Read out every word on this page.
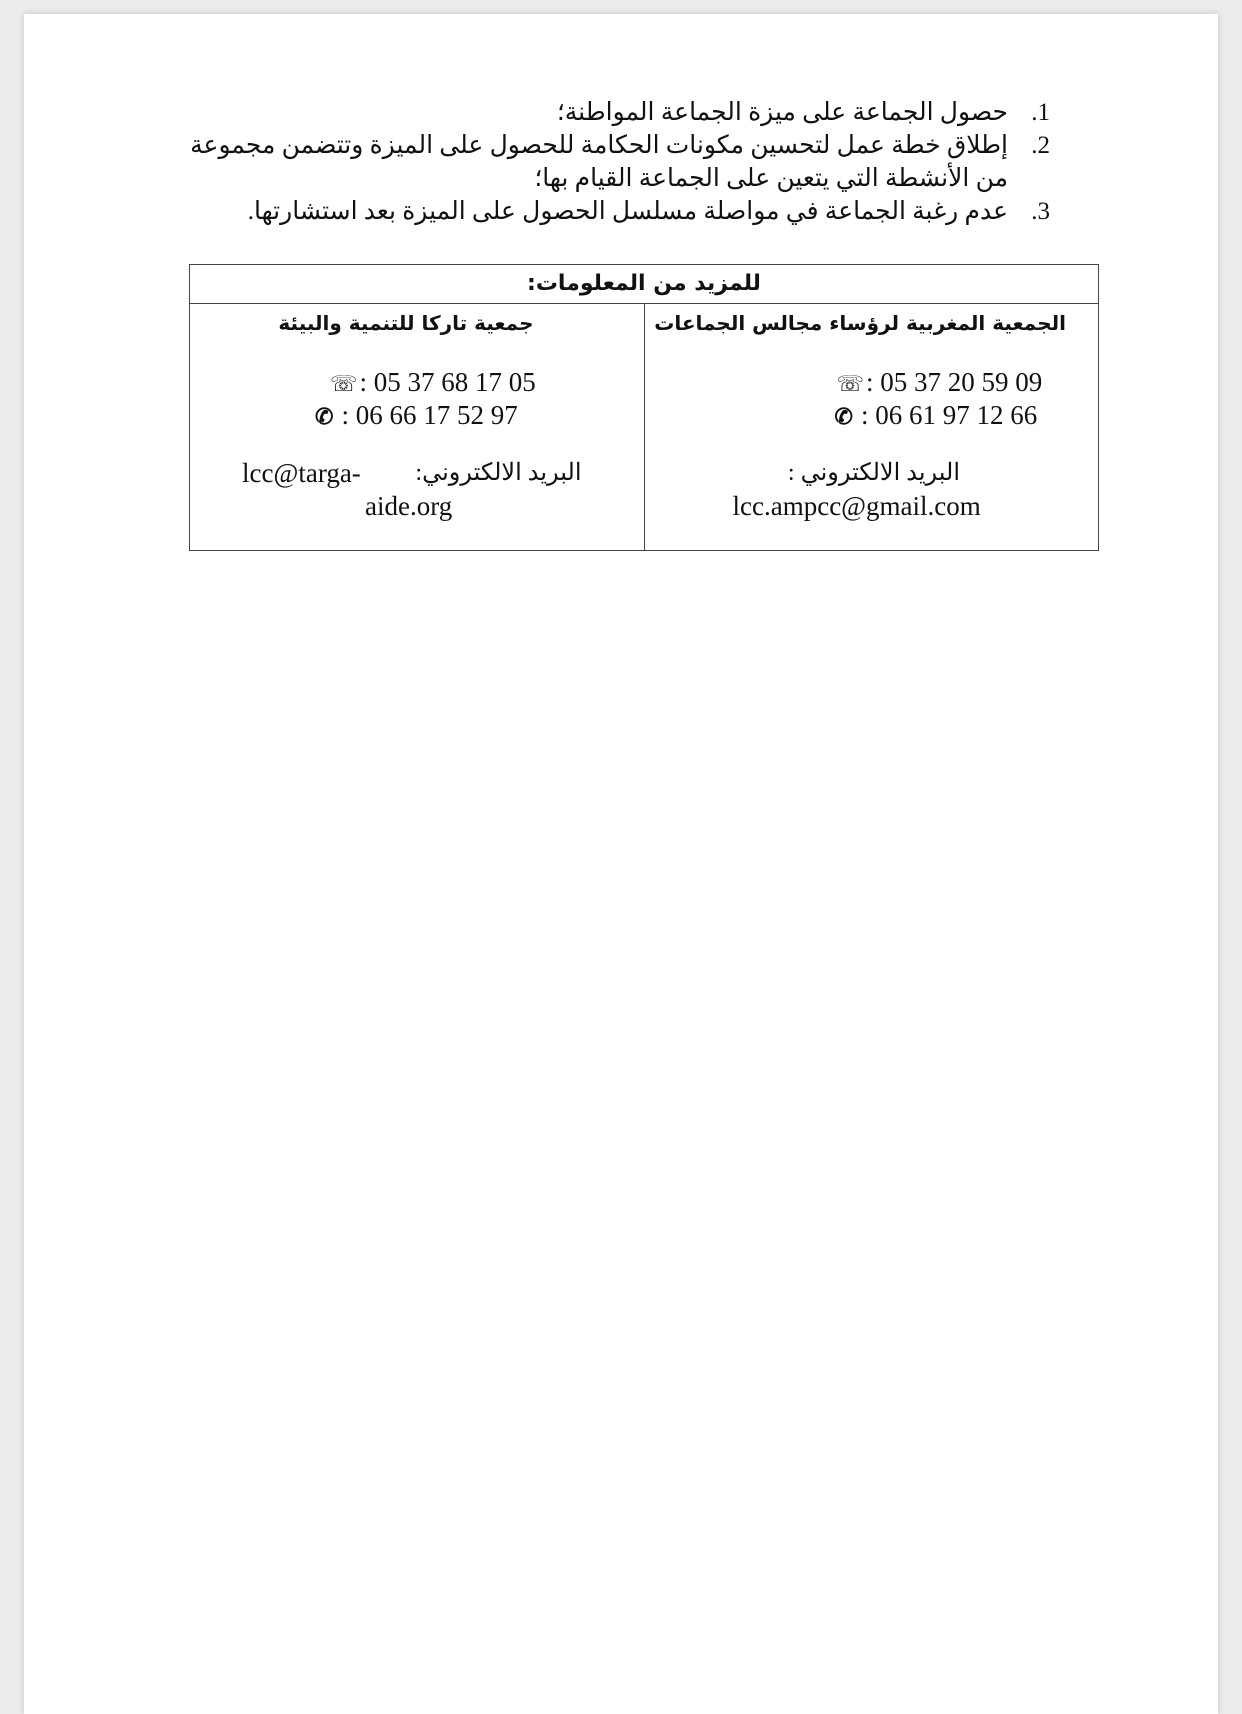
.1
حصول الجماعة على ميزة الجماعة المواطنة؛
.2
إطلاق خطة عمل لتحسين مكونات الحكامة للحصول على الميزة وتتضمن مجموعة من الأنشطة التي يتعين على الجماعة القيام بها؛
.3
عدم رغبة الجماعة في مواصلة مسلسل الحصول على الميزة بعد استشارتها.
للمزيد من المعلومات:
الجمعية المغربية لرؤساء مجالس الجماعات
☏: 05 37 20 59 09
✆ : 06 61 97 12 66
البريد الالكتروني :
lcc.ampcc@gmail.com
جمعية تاركا للتنمية والبيئة
☏: 05 37 68 17 05
✆ : 06 66 17 52 97
البريد الالكتروني:
lcc@targa-
aide.org
